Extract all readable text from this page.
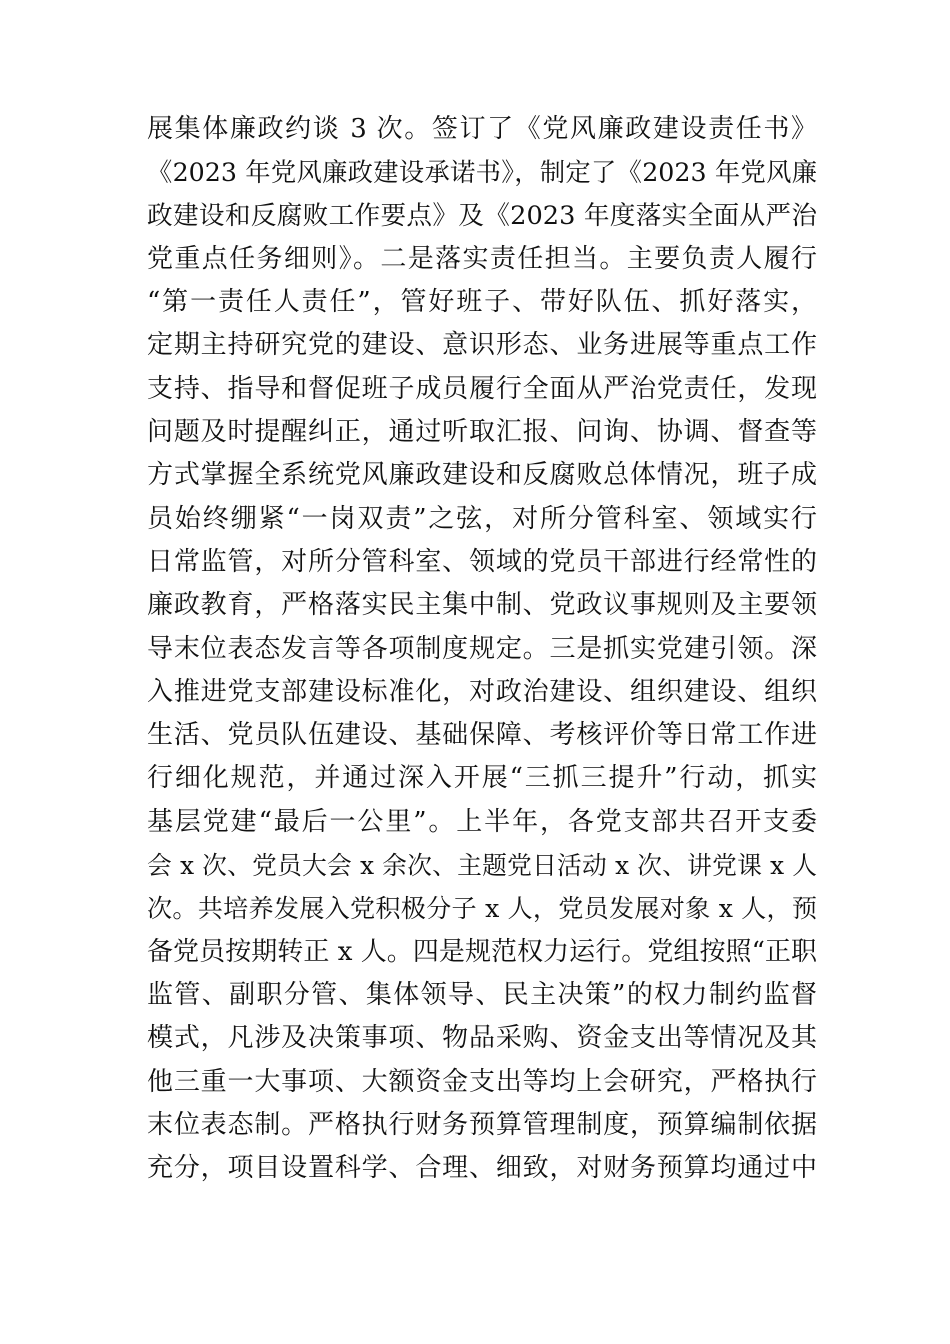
展集体廉政约谈 3 次。签订了《党风廉政建设责任书》
《2023 年党风廉政建设承诺书》，制定了《2023 年党风廉
政建设和反腐败工作要点》及《2023 年度落实全面从严治
党重点任务细则》。二是落实责任担当。主要负责人履行
“第一责任人责任”，管好班子、带好队伍、抓好落实，
定期主持研究党的建设、意识形态、业务进展等重点工作
支持、指导和督促班子成员履行全面从严治党责任，发现
问题及时提醒纠正，通过听取汇报、问询、协调、督查等
方式掌握全系统党风廉政建设和反腐败总体情况，班子成
员始终绷紧“一岗双责”之弦，对所分管科室、领域实行
日常监管，对所分管科室、领域的党员干部进行经常性的
廉政教育，严格落实民主集中制、党政议事规则及主要领
导末位表态发言等各项制度规定。三是抓实党建引领。深
入推进党支部建设标准化，对政治建设、组织建设、组织
生活、党员队伍建设、基础保障、考核评价等日常工作进
行细化规范，并通过深入开展“三抓三提升”行动，抓实
基层党建“最后一公里”。上半年，各党支部共召开支委
会 x 次、党员大会 x 余次、主题党日活动 x 次、讲党课 x 人
次。共培养发展入党积极分子 x 人，党员发展对象 x 人，预
备党员按期转正 x 人。四是规范权力运行。党组按照“正职
监管、副职分管、集体领导、民主决策”的权力制约监督
模式，凡涉及决策事项、物品采购、资金支出等情况及其
他三重一大事项、大额资金支出等均上会研究，严格执行
末位表态制。严格执行财务预算管理制度，预算编制依据
充分，项目设置科学、合理、细致，对财务预算均通过中
